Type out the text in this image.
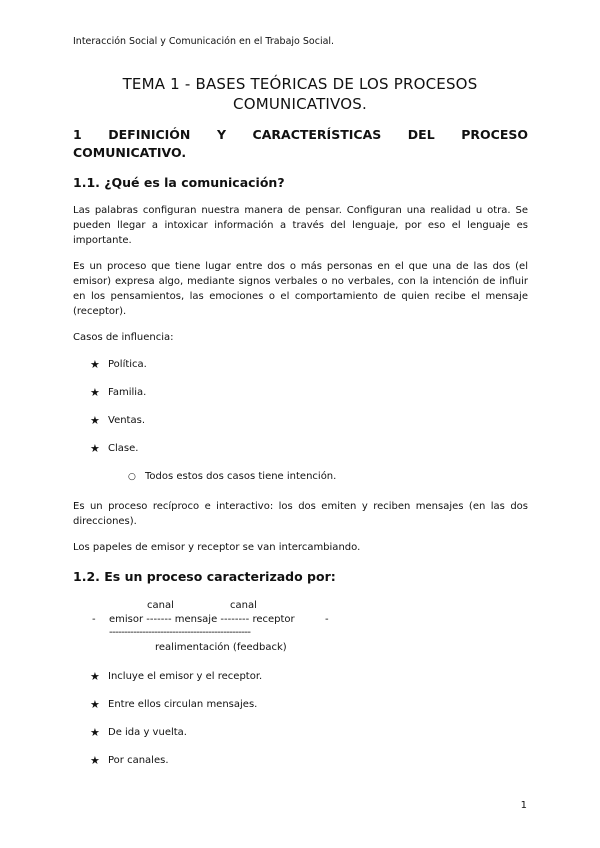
Interacción Social y Comunicación en el Trabajo Social.
TEMA 1 - BASES TEÓRICAS DE LOS PROCESOS
COMUNICATIVOS.
1 DEFINICIÓN Y CARACTERÍSTICAS DEL PROCESO
COMUNICATIVO.
1.1. ¿Qué es la comunicación?
Las palabras configuran nuestra manera de pensar. Configuran una realidad u otra. Se pueden llegar a intoxicar información a través del lenguaje, por eso el lenguaje es importante.
Es un proceso que tiene lugar entre dos o más personas en el que una de las dos (el emisor) expresa algo, mediante signos verbales o no verbales, con la intención de influir en los pensamientos, las emociones o el comportamiento de quien recibe el mensaje (receptor).
Casos de influencia:
★ Política.
★ Familia.
★ Ventas.
★ Clase.
○ Todos estos dos casos tiene intención.
Es un proceso recíproco e interactivo: los dos emiten y reciben mensajes (en las dos direcciones).
Los papeles de emisor y receptor se van intercambiando.
1.2. Es un proceso caracterizado por:
canal	canal
- emisor ------- mensaje -------- receptor	-
-----------------------------------------------
realimentación (feedback)
★ Incluye el emisor y el receptor.
★ Entre ellos circulan mensajes.
★ De ida y vuelta.
★ Por canales.
1
